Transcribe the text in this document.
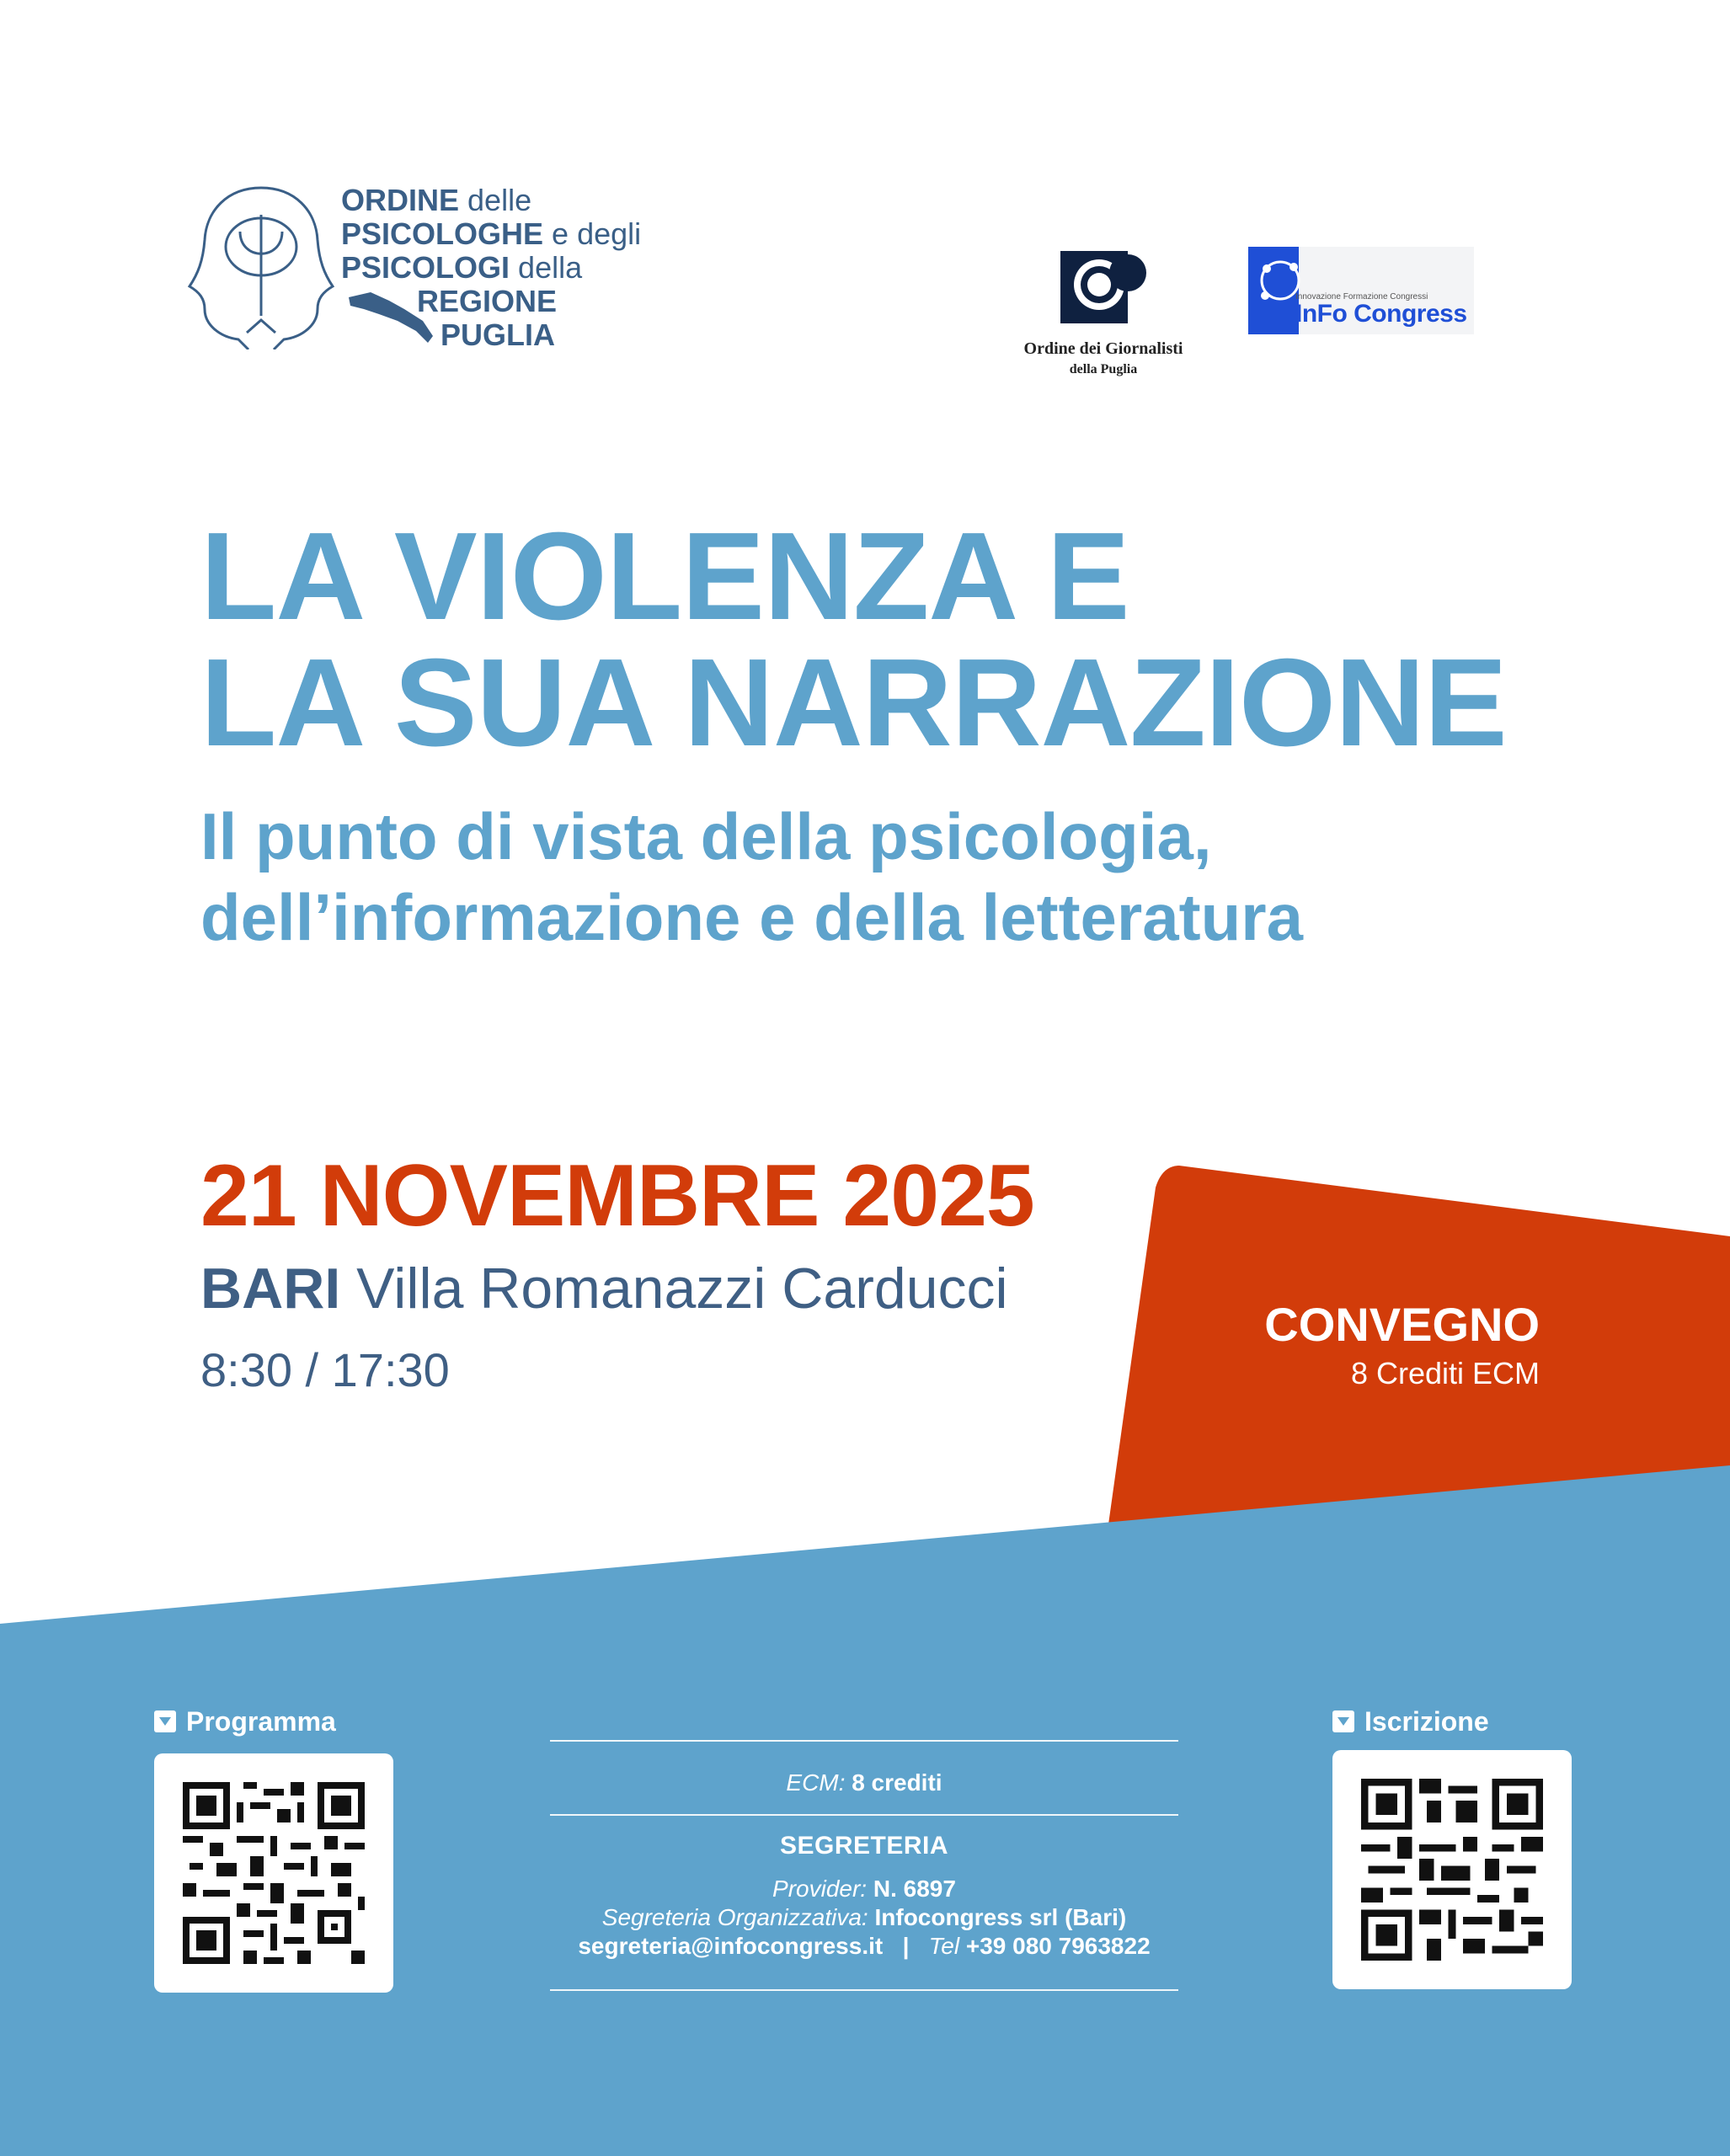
ORDINE delle
PSICOLOGHE e degli
PSICOLOGI della
REGIONE
PUGLIA	Ordine dei Giornalisti
della Puglia
Innovazione Formazione Congressi
InFo Congress
LA VIOLENZA E
LA SUA NARRAZIONE
Il punto di vista della psicologia,
dell’informazione e della letteratura
21 NOVEMBRE 2025
BARI Villa Romanazzi Carducci
8:30 / 17:30
CONVEGNO
8 Crediti ECM
Programma	Iscrizione
ECM: 8 crediti
SEGRETERIA
Provider: N. 6897
Segreteria Organizzativa: Infocongress srl (Bari)
segreteria@infocongress.it | Tel +39 080 7963822
